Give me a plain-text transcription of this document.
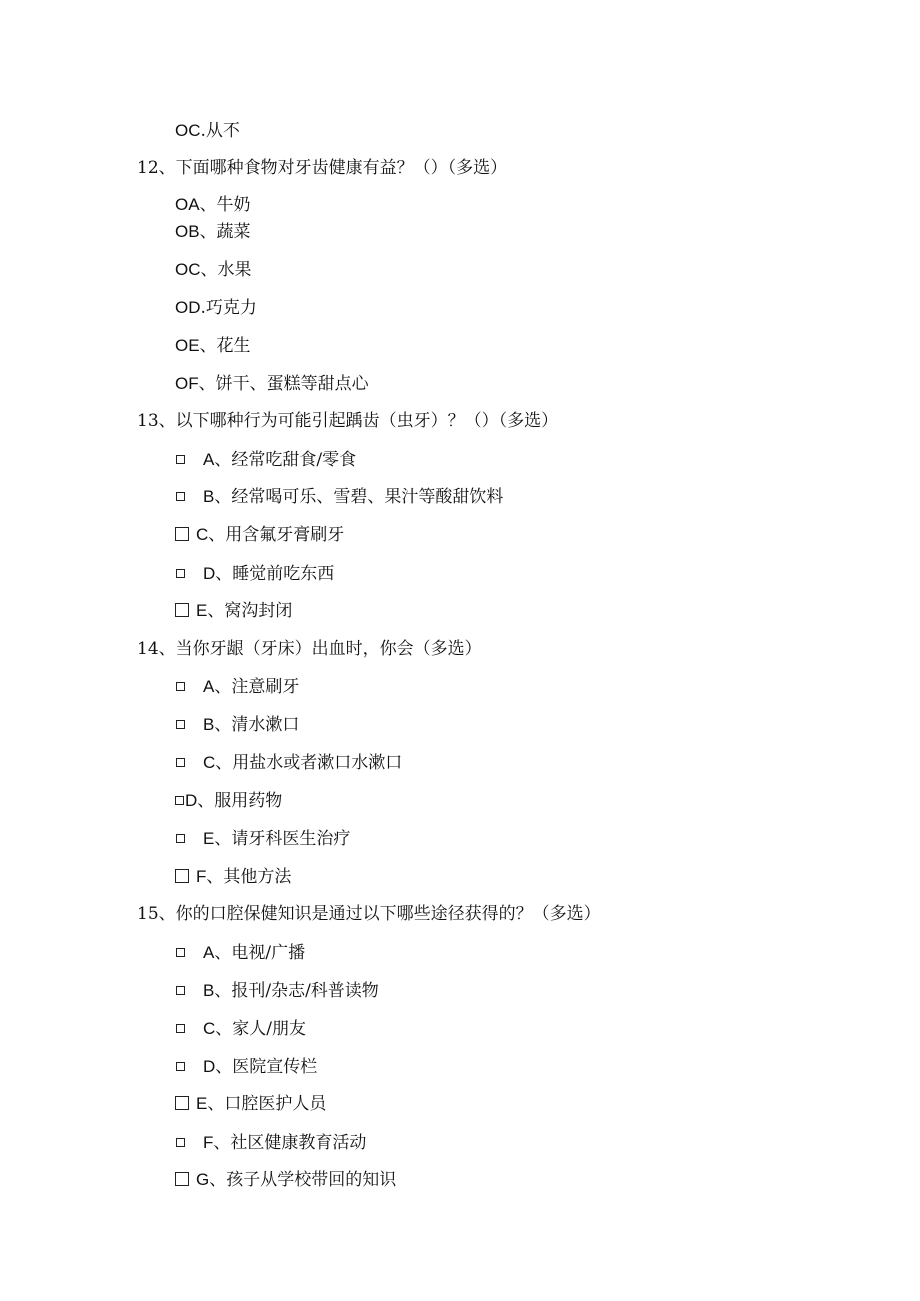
OC.从不
12、下面哪种食物对牙齿健康有益？（）（多选）
OA、牛奶
OB、蔬菜
OC、水果
OD.巧克力
OE、花生
OF、饼干、蛋糕等甜点心
13、以下哪种行为可能引起踽齿（虫牙）？（）（多选）
A、经常吃甜食/零食
B、经常喝可乐、雪碧、果汁等酸甜饮料
C、用含氟牙膏刷牙
D、睡觉前吃东西
E、窝沟封闭
14、当你牙龈（牙床）出血时，你会（多选）
A、注意刷牙
B、清水漱口
C、用盐水或者漱口水漱口
D、服用药物
E、请牙科医生治疗
F、其他方法
15、你的口腔保健知识是通过以下哪些途径获得的？（多选）
A、电视/广播
B、报刊/杂志/科普读物
C、家人/朋友
D、医院宣传栏
E、口腔医护人员
F、社区健康教育活动
G、孩子从学校带回的知识
